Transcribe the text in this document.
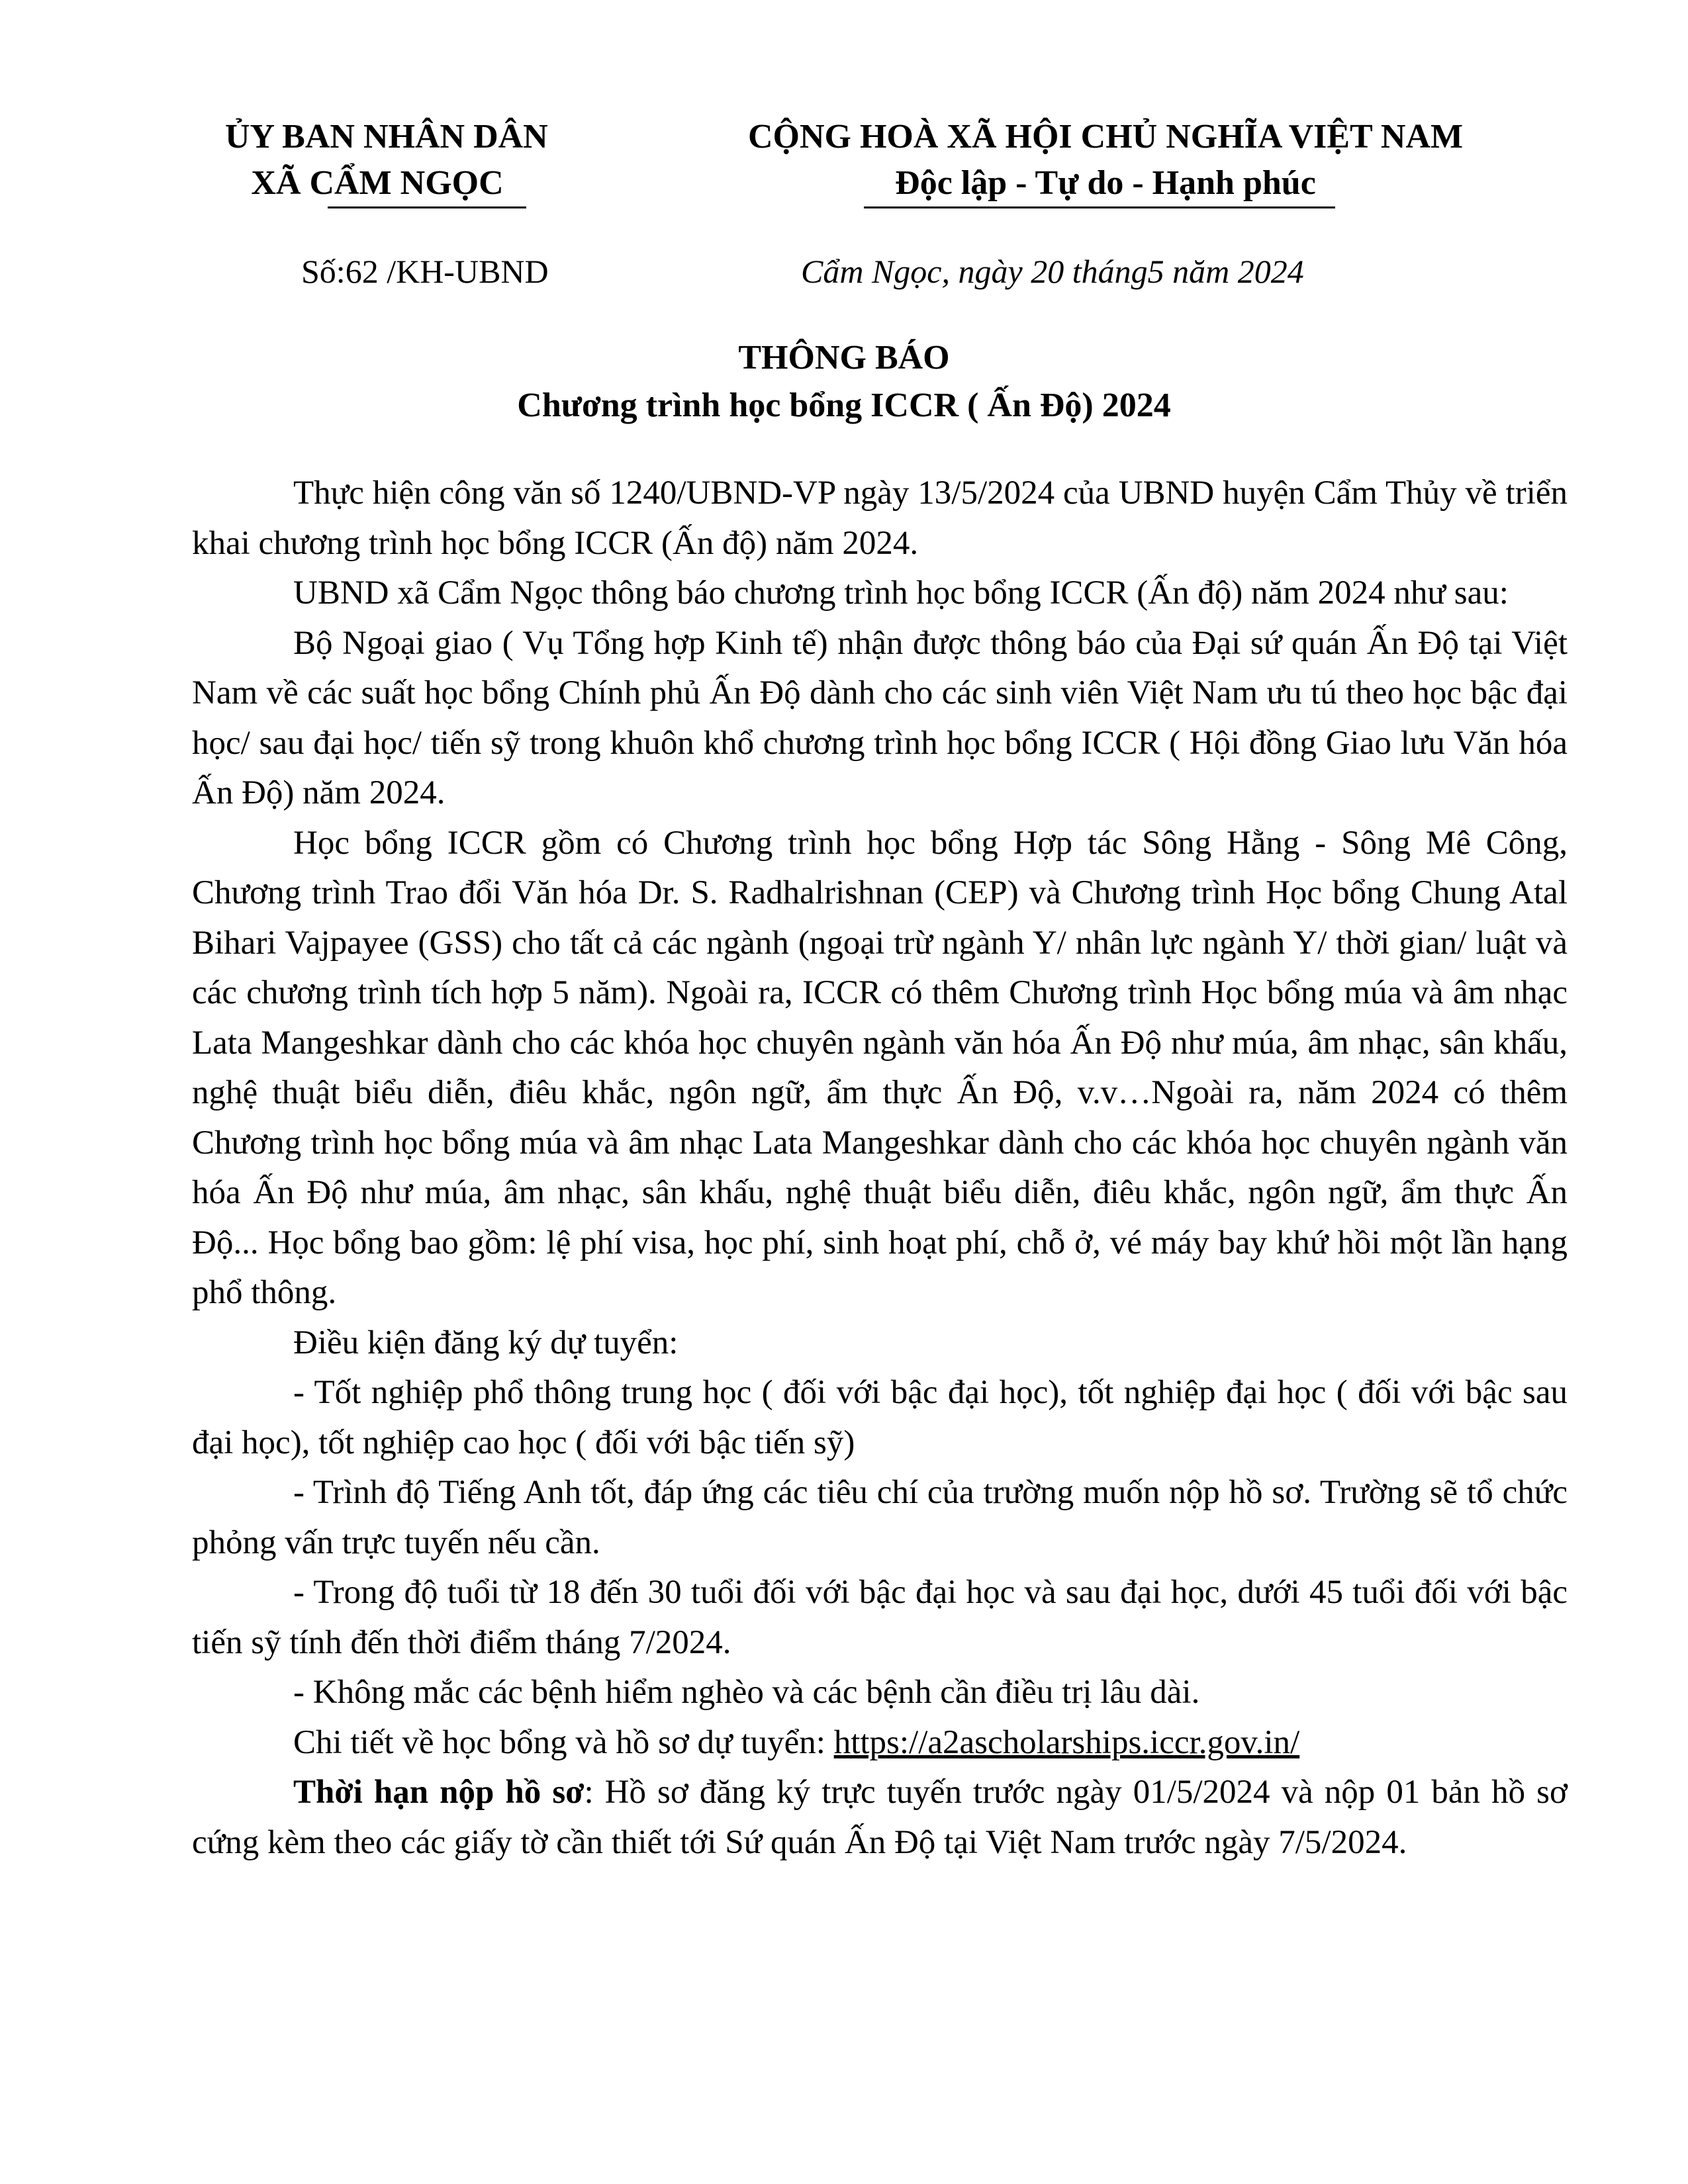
ỦY BAN NHÂN DÂN
XÃ CẨM NGỌC
CỘNG HOÀ XÃ HỘI CHỦ NGHĨA VIỆT NAM
Độc lập - Tự do - Hạnh phúc
Số:62 /KH-UBND	Cẩm Ngọc, ngày 20 tháng5 năm 2024
THÔNG BÁO
Chương trình học bổng ICCR ( Ấn Độ) 2024

Thực hiện công văn số 1240/UBND-VP ngày 13/5/2024 của UBND huyện Cẩm Thủy về triển khai chương trình học bổng ICCR (Ấn độ) năm 2024.

UBND xã Cẩm Ngọc thông báo chương trình học bổng ICCR (Ấn độ) năm 2024 như sau:

Bộ Ngoại giao ( Vụ Tổng hợp Kinh tế) nhận được thông báo của Đại sứ quán Ấn Độ tại Việt Nam về các suất học bổng Chính phủ Ấn Độ dành cho các sinh viên Việt Nam ưu tú theo học bậc đại học/ sau đại học/ tiến sỹ trong khuôn khổ chương trình học bổng ICCR ( Hội đồng Giao lưu Văn hóa Ấn Độ) năm 2024.

Học bổng ICCR gồm có Chương trình học bổng Hợp tác Sông Hằng - Sông Mê Công, Chương trình Trao đổi Văn hóa Dr. S. Radhalrishnan (CEP) và Chương trình Học bổng Chung Atal Bihari Vajpayee (GSS) cho tất cả các ngành (ngoại trừ ngành Y/ nhân lực ngành Y/ thời gian/ luật và các chương trình tích hợp 5 năm). Ngoài ra, ICCR có thêm Chương trình Học bổng múa và âm nhạc Lata Mangeshkar dành cho các khóa học chuyên ngành văn hóa Ấn Độ như múa, âm nhạc, sân khấu, nghệ thuật biểu diễn, điêu khắc, ngôn ngữ, ẩm thực Ấn Độ, v.v…Ngoài ra, năm 2024 có thêm Chương trình học bổng múa và âm nhạc Lata Mangeshkar dành cho các khóa học chuyên ngành văn hóa Ấn Độ như múa, âm nhạc, sân khấu, nghệ thuật biểu diễn, điêu khắc, ngôn ngữ, ẩm thực Ấn Độ... Học bổng bao gồm: lệ phí visa, học phí, sinh hoạt phí, chỗ ở, vé máy bay khứ hồi một lần hạng phổ thông.

Điều kiện đăng ký dự tuyển:

- Tốt nghiệp phổ thông trung học ( đối với bậc đại học), tốt nghiệp đại học ( đối với bậc sau đại học), tốt nghiệp cao học ( đối với bậc tiến sỹ)

- Trình độ Tiếng Anh tốt, đáp ứng các tiêu chí của trường muốn nộp hồ sơ. Trường sẽ tổ chức phỏng vấn trực tuyến nếu cần.

- Trong độ tuổi từ 18 đến 30 tuổi đối với bậc đại học và sau đại học, dưới 45 tuổi đối với bậc tiến sỹ tính đến thời điểm tháng 7/2024.

- Không mắc các bệnh hiểm nghèo và các bệnh cần điều trị lâu dài.

Chi tiết về học bổng và hồ sơ dự tuyển: https://a2ascholarships.iccr.gov.in/

Thời hạn nộp hồ sơ: Hồ sơ đăng ký trực tuyến trước ngày 01/5/2024 và nộp 01 bản hồ sơ cứng kèm theo các giấy tờ cần thiết tới Sứ quán Ấn Độ tại Việt Nam trước ngày 7/5/2024.
